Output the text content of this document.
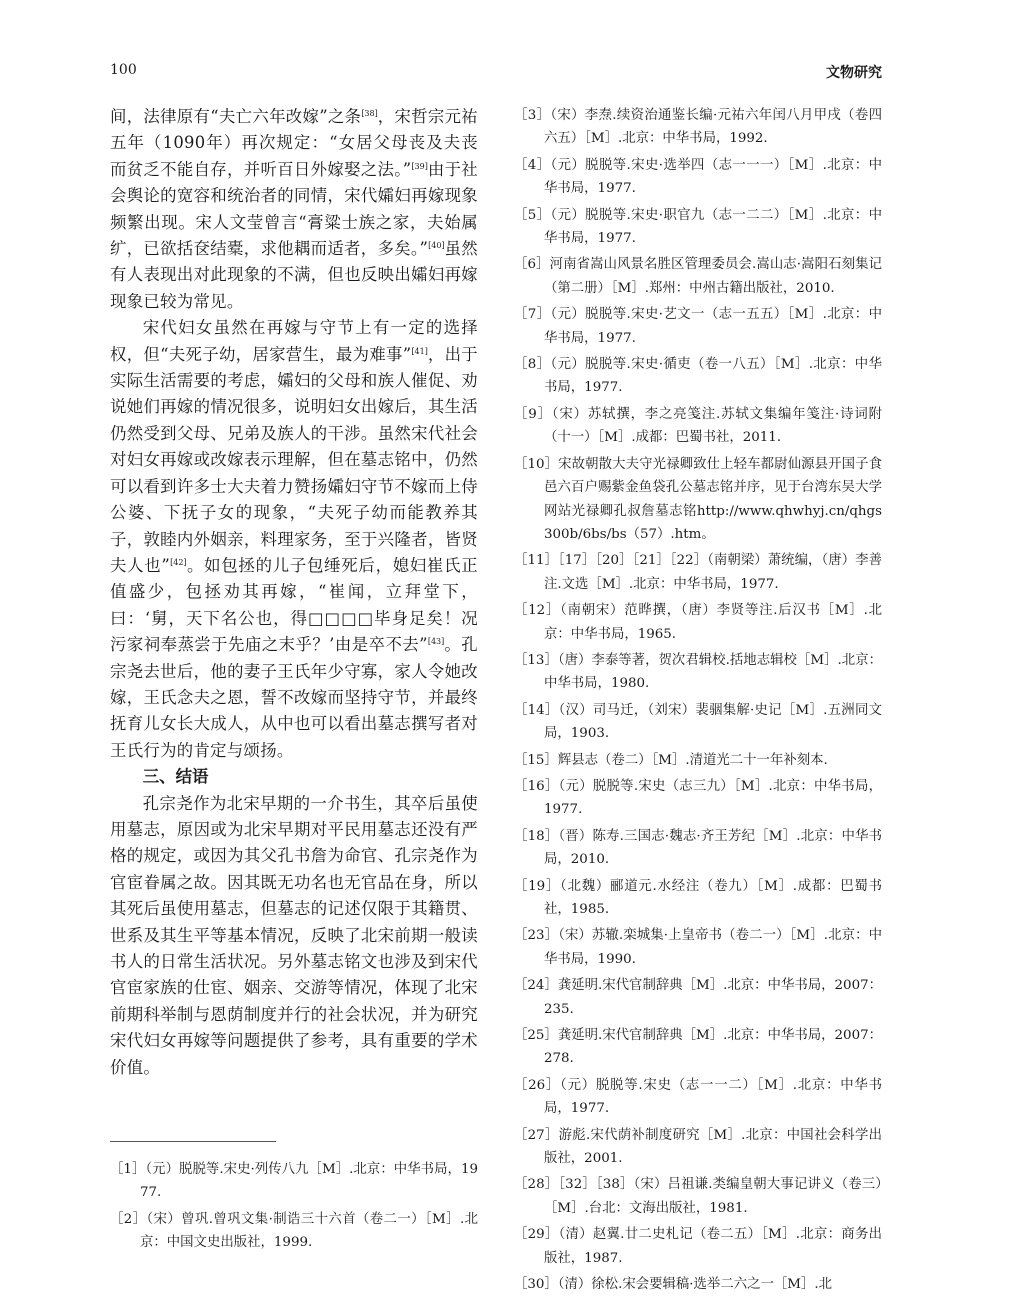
100	文物研究

间，法律原有“夫亡六年改嫁”之条[38]，宋哲宗元祐五年（1090年）再次规定：“女居父母丧及夫丧而贫乏不能自存，并听百日外嫁娶之法。”[39]由于社会舆论的宽容和统治者的同情，宋代孀妇再嫁现象频繁出现。宋人文莹曾言“膏粱士族之家，夫始属纩，已欲括奁结橐，求他耦而适者，多矣。”[40]虽然有人表现出对此现象的不满，但也反映出孀妇再嫁现象已较为常见。

宋代妇女虽然在再嫁与守节上有一定的选择权，但“夫死子幼，居家营生，最为难事”[41]，出于实际生活需要的考虑，孀妇的父母和族人催促、劝说她们再嫁的情况很多，说明妇女出嫁后，其生活仍然受到父母、兄弟及族人的干涉。虽然宋代社会对妇女再嫁或改嫁表示理解，但在墓志铭中，仍然可以看到许多士大夫着力赞扬孀妇守节不嫁而上侍公婆、下抚子女的现象，“夫死子幼而能教养其子，敦睦内外姻亲，料理家务，至于兴隆者，皆贤夫人也”[42]。如包拯的儿子包缍死后，媳妇崔氏正值盛少，包拯劝其再嫁，“崔闻，立拜堂下，曰：‘舅，天下名公也，得□□□□毕身足矣！况污家祠奉蒸尝于先庙之末乎？’由是卒不去”[43]。孔宗尧去世后，他的妻子王氏年少守寡，家人令她改嫁，王氏念夫之恩，誓不改嫁而坚持守节，并最终抚育儿女长大成人，从中也可以看出墓志撰写者对王氏行为的肯定与颂扬。

三、结语

孔宗尧作为北宋早期的一介书生，其卒后虽使用墓志，原因或为北宋早期对平民用墓志还没有严格的规定，或因为其父孔书詹为命官、孔宗尧作为官宦眷属之故。因其既无功名也无官品在身，所以其死后虽使用墓志，但墓志的记述仅限于其籍贯、世系及其生平等基本情况，反映了北宋前期一般读书人的日常生活状况。另外墓志铭文也涉及到宋代官宦家族的仕宦、姻亲、交游等情况，体现了北宋前期科举制与恩荫制度并行的社会状况，并为研究宋代妇女再嫁等问题提供了参考，具有重要的学术价值。

［1］（元）脱脱等.宋史·列传八九［M］.北京：中华书局，1977.

［2］（宋）曾巩.曾巩文集·制诰三十六首（卷二一）［M］.北京：中国文史出版社，1999.

［3］（宋）李焘.续资治通鉴长编·元祐六年闰八月甲戌（卷四六五）［M］.北京：中华书局，1992.

［4］（元）脱脱等.宋史·选举四（志一一一）［M］.北京：中华书局，1977.

［5］（元）脱脱等.宋史·职官九（志一二二）［M］.北京：中华书局，1977.

［6］河南省嵩山风景名胜区管理委员会.嵩山志·嵩阳石刻集记（第二册）［M］.郑州：中州古籍出版社，2010.

［7］（元）脱脱等.宋史·艺文一（志一五五）［M］.北京：中华书局，1977.

［8］（元）脱脱等.宋史·循吏（卷一八五）［M］.北京：中华书局，1977.

［9］（宋）苏轼撰，李之亮笺注.苏轼文集编年笺注·诗词附（十一）［M］.成都：巴蜀书社，2011.

［10］宋故朝散大夫守光禄卿致仕上轻车都尉仙源县开国子食邑六百户赐紫金鱼袋孔公墓志铭并序，见于台湾东吴大学网站光禄卿孔叔詹墓志铭http://www.qhwhyj.cn/qhgs300b/6bs/bs（57）.htm。

［11］［17］［20］［21］［22］（南朝梁）萧统编，（唐）李善注.文选［M］.北京：中华书局，1977.

［12］（南朝宋）范晔撰，（唐）李贤等注.后汉书［M］.北京：中华书局，1965.

［13］（唐）李泰等著，贺次君辑校.括地志辑校［M］.北京：中华书局，1980.

［14］（汉）司马迁，（刘宋）裴骃集解·史记［M］.五洲同文局，1903.

［15］辉县志（卷二）［M］.清道光二十一年补刻本.

［16］（元）脱脱等.宋史（志三九）［M］.北京：中华书局，1977.

［18］（晋）陈寿.三国志·魏志·齐王芳纪［M］.北京：中华书局，2010.

［19］（北魏）郦道元.水经注（卷九）［M］.成都：巴蜀书社，1985.

［23］（宋）苏辙.栾城集·上皇帝书（卷二一）［M］.北京：中华书局，1990.

［24］龚延明.宋代官制辞典［M］.北京：中华书局，2007：235.

［25］龚延明.宋代官制辞典［M］.北京：中华书局，2007：278.

［26］（元）脱脱等.宋史（志一一二）［M］.北京：中华书局，1977.

［27］游彪.宋代荫补制度研究［M］.北京：中国社会科学出版社，2001.

［28］［32］［38］（宋）吕祖谦.类编皇朝大事记讲义（卷三）［M］.台北：文海出版社，1981.

［29］（清）赵翼.廿二史札记（卷二五）［M］.北京：商务出版社，1987.

［30］（清）徐松.宋会要辑稿·选举二六之一［M］.北
